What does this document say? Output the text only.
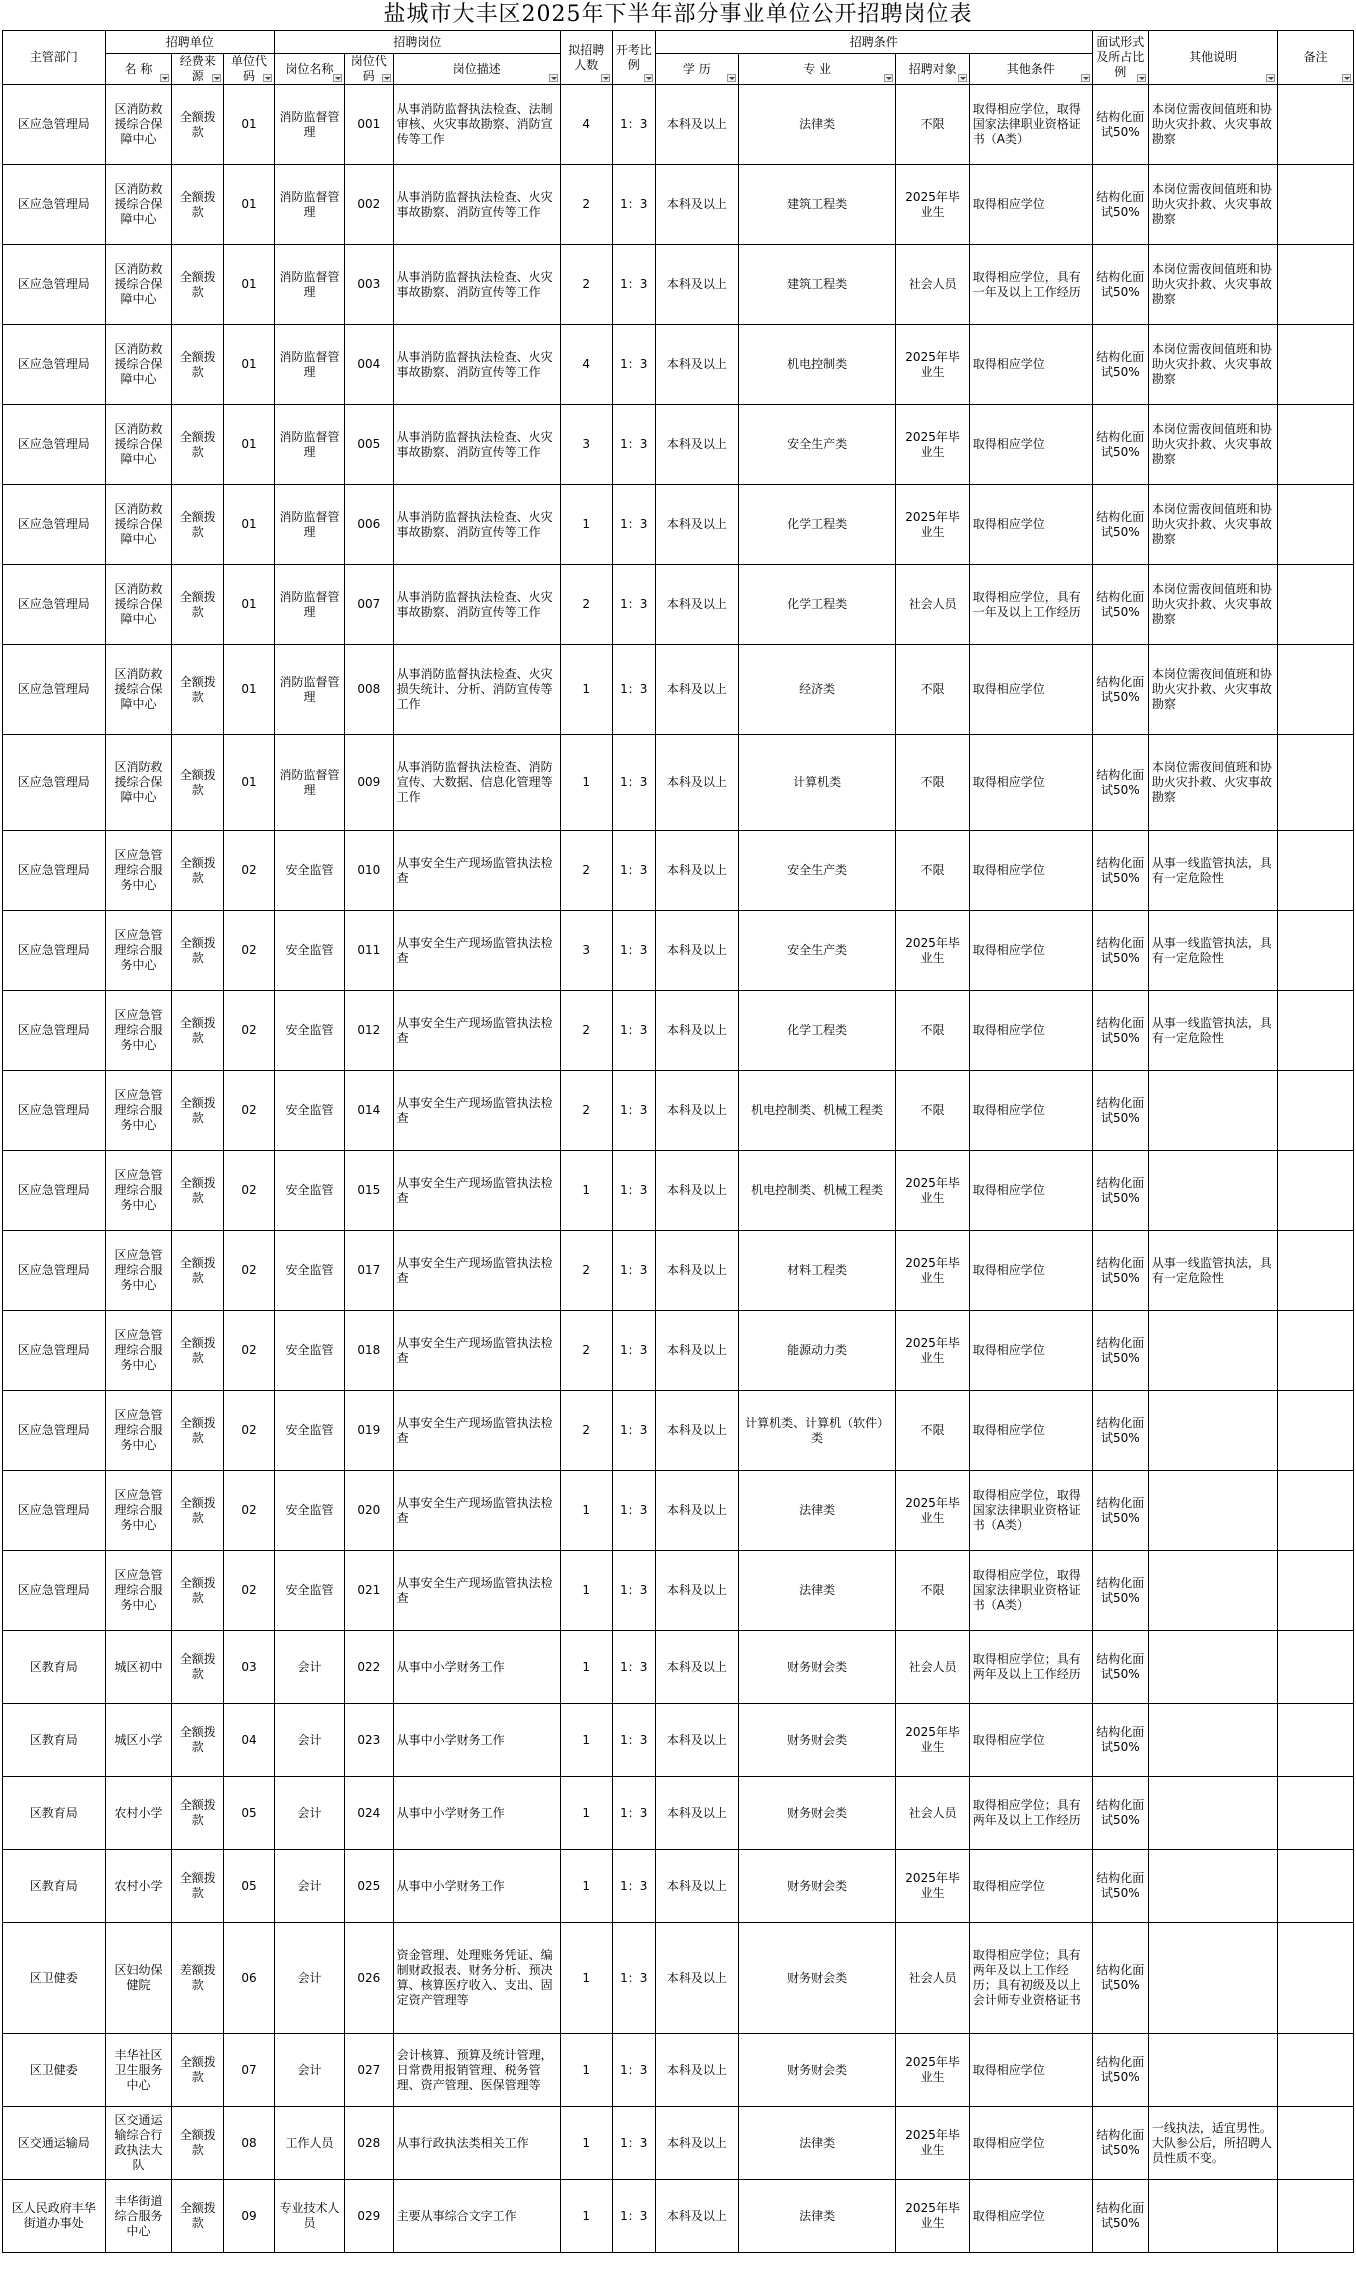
盐城市大丰区2025年下半年部分事业单位公开招聘岗位表
主管部门	招聘单位			招聘岗位			拟招聘人数	开考比例	招聘条件				面试形式及所占比例	其他说明	备注

	名 称	经费来源	单位代码	岗位名称	岗位代码	岗位描述			学 历	专 业	招聘对象	其他条件			

区应急管理局	区消防救援综合保障中心	全额拨款	01	消防监督管理	001	从事消防监督执法检查、法制审核、火灾事故勘察、消防宣传等工作	4	1：3	本科及以上	法律类	不限	取得相应学位，取得国家法律职业资格证书（A类）	结构化面试50%	本岗位需夜间值班和协助火灾扑救、火灾事故勘察	
区应急管理局	区消防救援综合保障中心	全额拨款	01	消防监督管理	002	从事消防监督执法检查、火灾事故勘察、消防宣传等工作	2	1：3	本科及以上	建筑工程类	2025年毕业生	取得相应学位	结构化面试50%	本岗位需夜间值班和协助火灾扑救、火灾事故勘察	
区应急管理局	区消防救援综合保障中心	全额拨款	01	消防监督管理	003	从事消防监督执法检查、火灾事故勘察、消防宣传等工作	2	1：3	本科及以上	建筑工程类	社会人员	取得相应学位，具有一年及以上工作经历	结构化面试50%	本岗位需夜间值班和协助火灾扑救、火灾事故勘察	
区应急管理局	区消防救援综合保障中心	全额拨款	01	消防监督管理	004	从事消防监督执法检查、火灾事故勘察、消防宣传等工作	4	1：3	本科及以上	机电控制类	2025年毕业生	取得相应学位	结构化面试50%	本岗位需夜间值班和协助火灾扑救、火灾事故勘察	
区应急管理局	区消防救援综合保障中心	全额拨款	01	消防监督管理	005	从事消防监督执法检查、火灾事故勘察、消防宣传等工作	3	1：3	本科及以上	安全生产类	2025年毕业生	取得相应学位	结构化面试50%	本岗位需夜间值班和协助火灾扑救、火灾事故勘察	
区应急管理局	区消防救援综合保障中心	全额拨款	01	消防监督管理	006	从事消防监督执法检查、火灾事故勘察、消防宣传等工作	1	1：3	本科及以上	化学工程类	2025年毕业生	取得相应学位	结构化面试50%	本岗位需夜间值班和协助火灾扑救、火灾事故勘察	
区应急管理局	区消防救援综合保障中心	全额拨款	01	消防监督管理	007	从事消防监督执法检查、火灾事故勘察、消防宣传等工作	2	1：3	本科及以上	化学工程类	社会人员	取得相应学位，具有一年及以上工作经历	结构化面试50%	本岗位需夜间值班和协助火灾扑救、火灾事故勘察	
区应急管理局	区消防救援综合保障中心	全额拨款	01	消防监督管理	008	从事消防监督执法检查、火灾损失统计、分析、消防宣传等工作	1	1：3	本科及以上	经济类	不限	取得相应学位	结构化面试50%	本岗位需夜间值班和协助火灾扑救、火灾事故勘察	
区应急管理局	区消防救援综合保障中心	全额拨款	01	消防监督管理	009	从事消防监督执法检查、消防宣传、大数据、信息化管理等工作	1	1：3	本科及以上	计算机类	不限	取得相应学位	结构化面试50%	本岗位需夜间值班和协助火灾扑救、火灾事故勘察	
区应急管理局	区应急管理综合服务中心	全额拨款	02	安全监管	010	从事安全生产现场监管执法检查	2	1：3	本科及以上	安全生产类	不限	取得相应学位	结构化面试50%	从事一线监管执法，具有一定危险性	
区应急管理局	区应急管理综合服务中心	全额拨款	02	安全监管	011	从事安全生产现场监管执法检查	3	1：3	本科及以上	安全生产类	2025年毕业生	取得相应学位	结构化面试50%	从事一线监管执法，具有一定危险性	
区应急管理局	区应急管理综合服务中心	全额拨款	02	安全监管	012	从事安全生产现场监管执法检查	2	1：3	本科及以上	化学工程类	不限	取得相应学位	结构化面试50%	从事一线监管执法，具有一定危险性	
区应急管理局	区应急管理综合服务中心	全额拨款	02	安全监管	014	从事安全生产现场监管执法检查	2	1：3	本科及以上	机电控制类、机械工程类	不限	取得相应学位	结构化面试50%		
区应急管理局	区应急管理综合服务中心	全额拨款	02	安全监管	015	从事安全生产现场监管执法检查	1	1：3	本科及以上	机电控制类、机械工程类	2025年毕业生	取得相应学位	结构化面试50%		
区应急管理局	区应急管理综合服务中心	全额拨款	02	安全监管	017	从事安全生产现场监管执法检查	2	1：3	本科及以上	材料工程类	2025年毕业生	取得相应学位	结构化面试50%	从事一线监管执法，具有一定危险性	
区应急管理局	区应急管理综合服务中心	全额拨款	02	安全监管	018	从事安全生产现场监管执法检查	2	1：3	本科及以上	能源动力类	2025年毕业生	取得相应学位	结构化面试50%		
区应急管理局	区应急管理综合服务中心	全额拨款	02	安全监管	019	从事安全生产现场监管执法检查	2	1：3	本科及以上	计算机类、计算机（软件）类	不限	取得相应学位	结构化面试50%		
区应急管理局	区应急管理综合服务中心	全额拨款	02	安全监管	020	从事安全生产现场监管执法检查	1	1：3	本科及以上	法律类	2025年毕业生	取得相应学位，取得国家法律职业资格证书（A类）	结构化面试50%		
区应急管理局	区应急管理综合服务中心	全额拨款	02	安全监管	021	从事安全生产现场监管执法检查	1	1：3	本科及以上	法律类	不限	取得相应学位，取得国家法律职业资格证书（A类）	结构化面试50%		
区教育局	城区初中	全额拨款	03	会计	022	从事中小学财务工作	1	1：3	本科及以上	财务财会类	社会人员	取得相应学位；具有两年及以上工作经历	结构化面试50%		
区教育局	城区小学	全额拨款	04	会计	023	从事中小学财务工作	1	1：3	本科及以上	财务财会类	2025年毕业生	取得相应学位	结构化面试50%		
区教育局	农村小学	全额拨款	05	会计	024	从事中小学财务工作	1	1：3	本科及以上	财务财会类	社会人员	取得相应学位；具有两年及以上工作经历	结构化面试50%		
区教育局	农村小学	全额拨款	05	会计	025	从事中小学财务工作	1	1：3	本科及以上	财务财会类	2025年毕业生	取得相应学位	结构化面试50%		
区卫健委	区妇幼保健院	差额拨款	06	会计	026	资金管理、处理账务凭证、编制财政报表、财务分析、预决算、核算医疗收入、支出、固定资产管理等	1	1：3	本科及以上	财务财会类	社会人员	取得相应学位；具有两年及以上工作经历；具有初级及以上会计师专业资格证书	结构化面试50%		
区卫健委	丰华社区卫生服务中心	全额拨款	07	会计	027	会计核算、预算及统计管理，日常费用报销管理、税务管理、资产管理、医保管理等	1	1：3	本科及以上	财务财会类	2025年毕业生	取得相应学位	结构化面试50%		
区交通运输局	区交通运输综合行政执法大队	全额拨款	08	工作人员	028	从事行政执法类相关工作	1	1：3	本科及以上	法律类	2025年毕业生	取得相应学位	结构化面试50%	一线执法，适宜男性。大队参公后，所招聘人员性质不变。	
区人民政府丰华街道办事处	丰华街道综合服务中心	全额拨款	09	专业技术人员	029	主要从事综合文字工作	1	1：3	本科及以上	法律类	2025年毕业生	取得相应学位	结构化面试50%		
